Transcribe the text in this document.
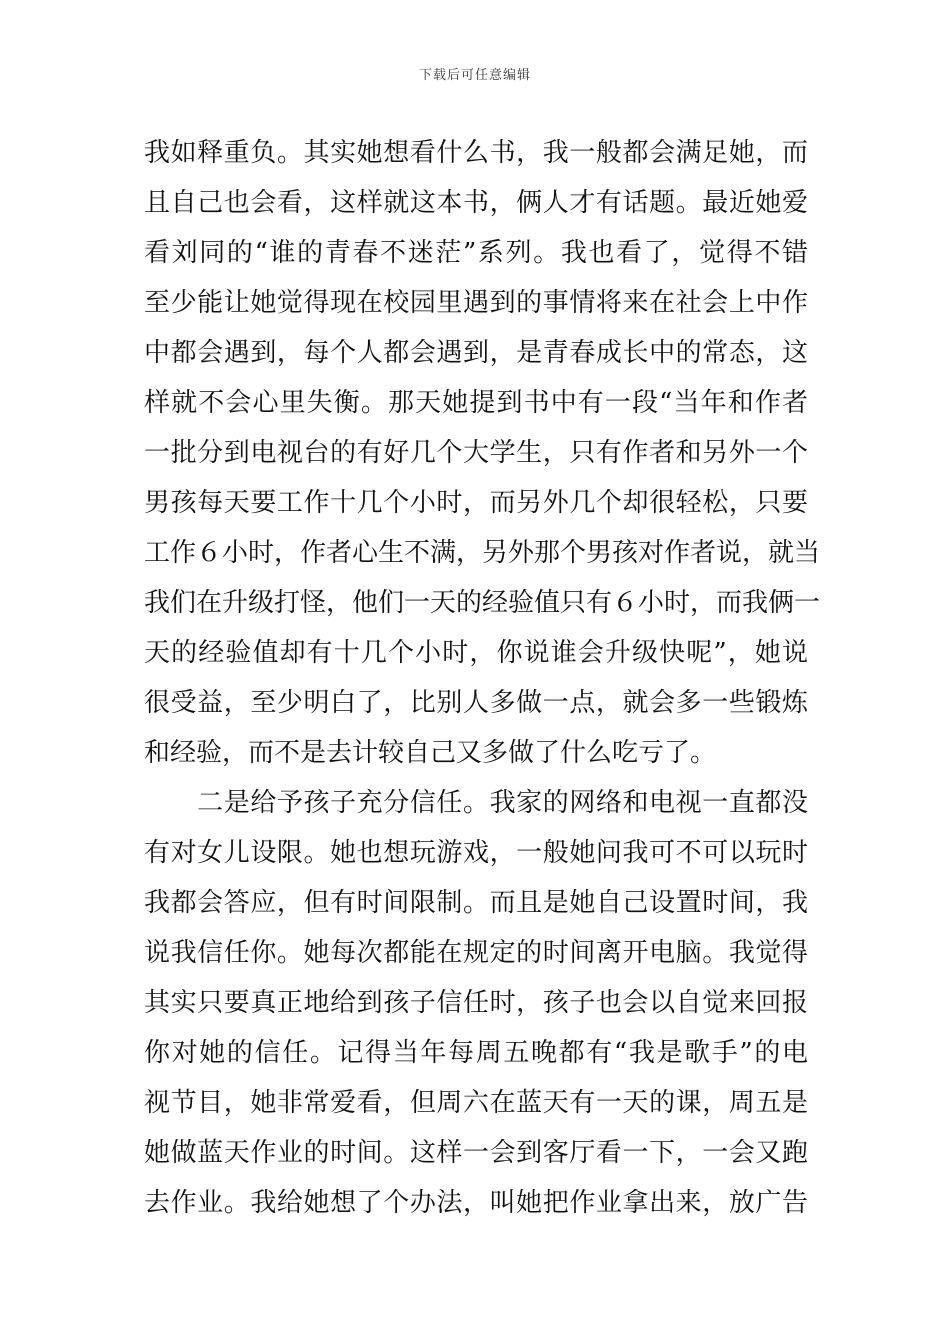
下载后可任意编辑
我如释重负。其实她想看什么书，我一般都会满足她，而
且自己也会看，这样就这本书，俩人才有话题。最近她爱
看刘同的“谁的青春不迷茫”系列。我也看了，觉得不错
至少能让她觉得现在校园里遇到的事情将来在社会上中作
中都会遇到，每个人都会遇到，是青春成长中的常态，这
样就不会心里失衡。那天她提到书中有一段“当年和作者
一批分到电视台的有好几个大学生，只有作者和另外一个
男孩每天要工作十几个小时，而另外几个却很轻松，只要
工作６小时，作者心生不满，另外那个男孩对作者说，就当
我们在升级打怪，他们一天的经验值只有６小时，而我俩一
天的经验值却有十几个小时，你说谁会升级快呢”，她说
很受益，至少明白了，比别人多做一点，就会多一些锻炼
和经验，而不是去计较自己又多做了什么吃亏了。
　　二是给予孩子充分信任。我家的网络和电视一直都没
有对女儿设限。她也想玩游戏，一般她问我可不可以玩时
我都会答应，但有时间限制。而且是她自己设置时间，我
说我信任你。她每次都能在规定的时间离开电脑。我觉得
其实只要真正地给到孩子信任时，孩子也会以自觉来回报
你对她的信任。记得当年每周五晚都有“我是歌手”的电
视节目，她非常爱看，但周六在蓝天有一天的课，周五是
她做蓝天作业的时间。这样一会到客厅看一下，一会又跑
去作业。我给她想了个办法，叫她把作业拿出来，放广告
